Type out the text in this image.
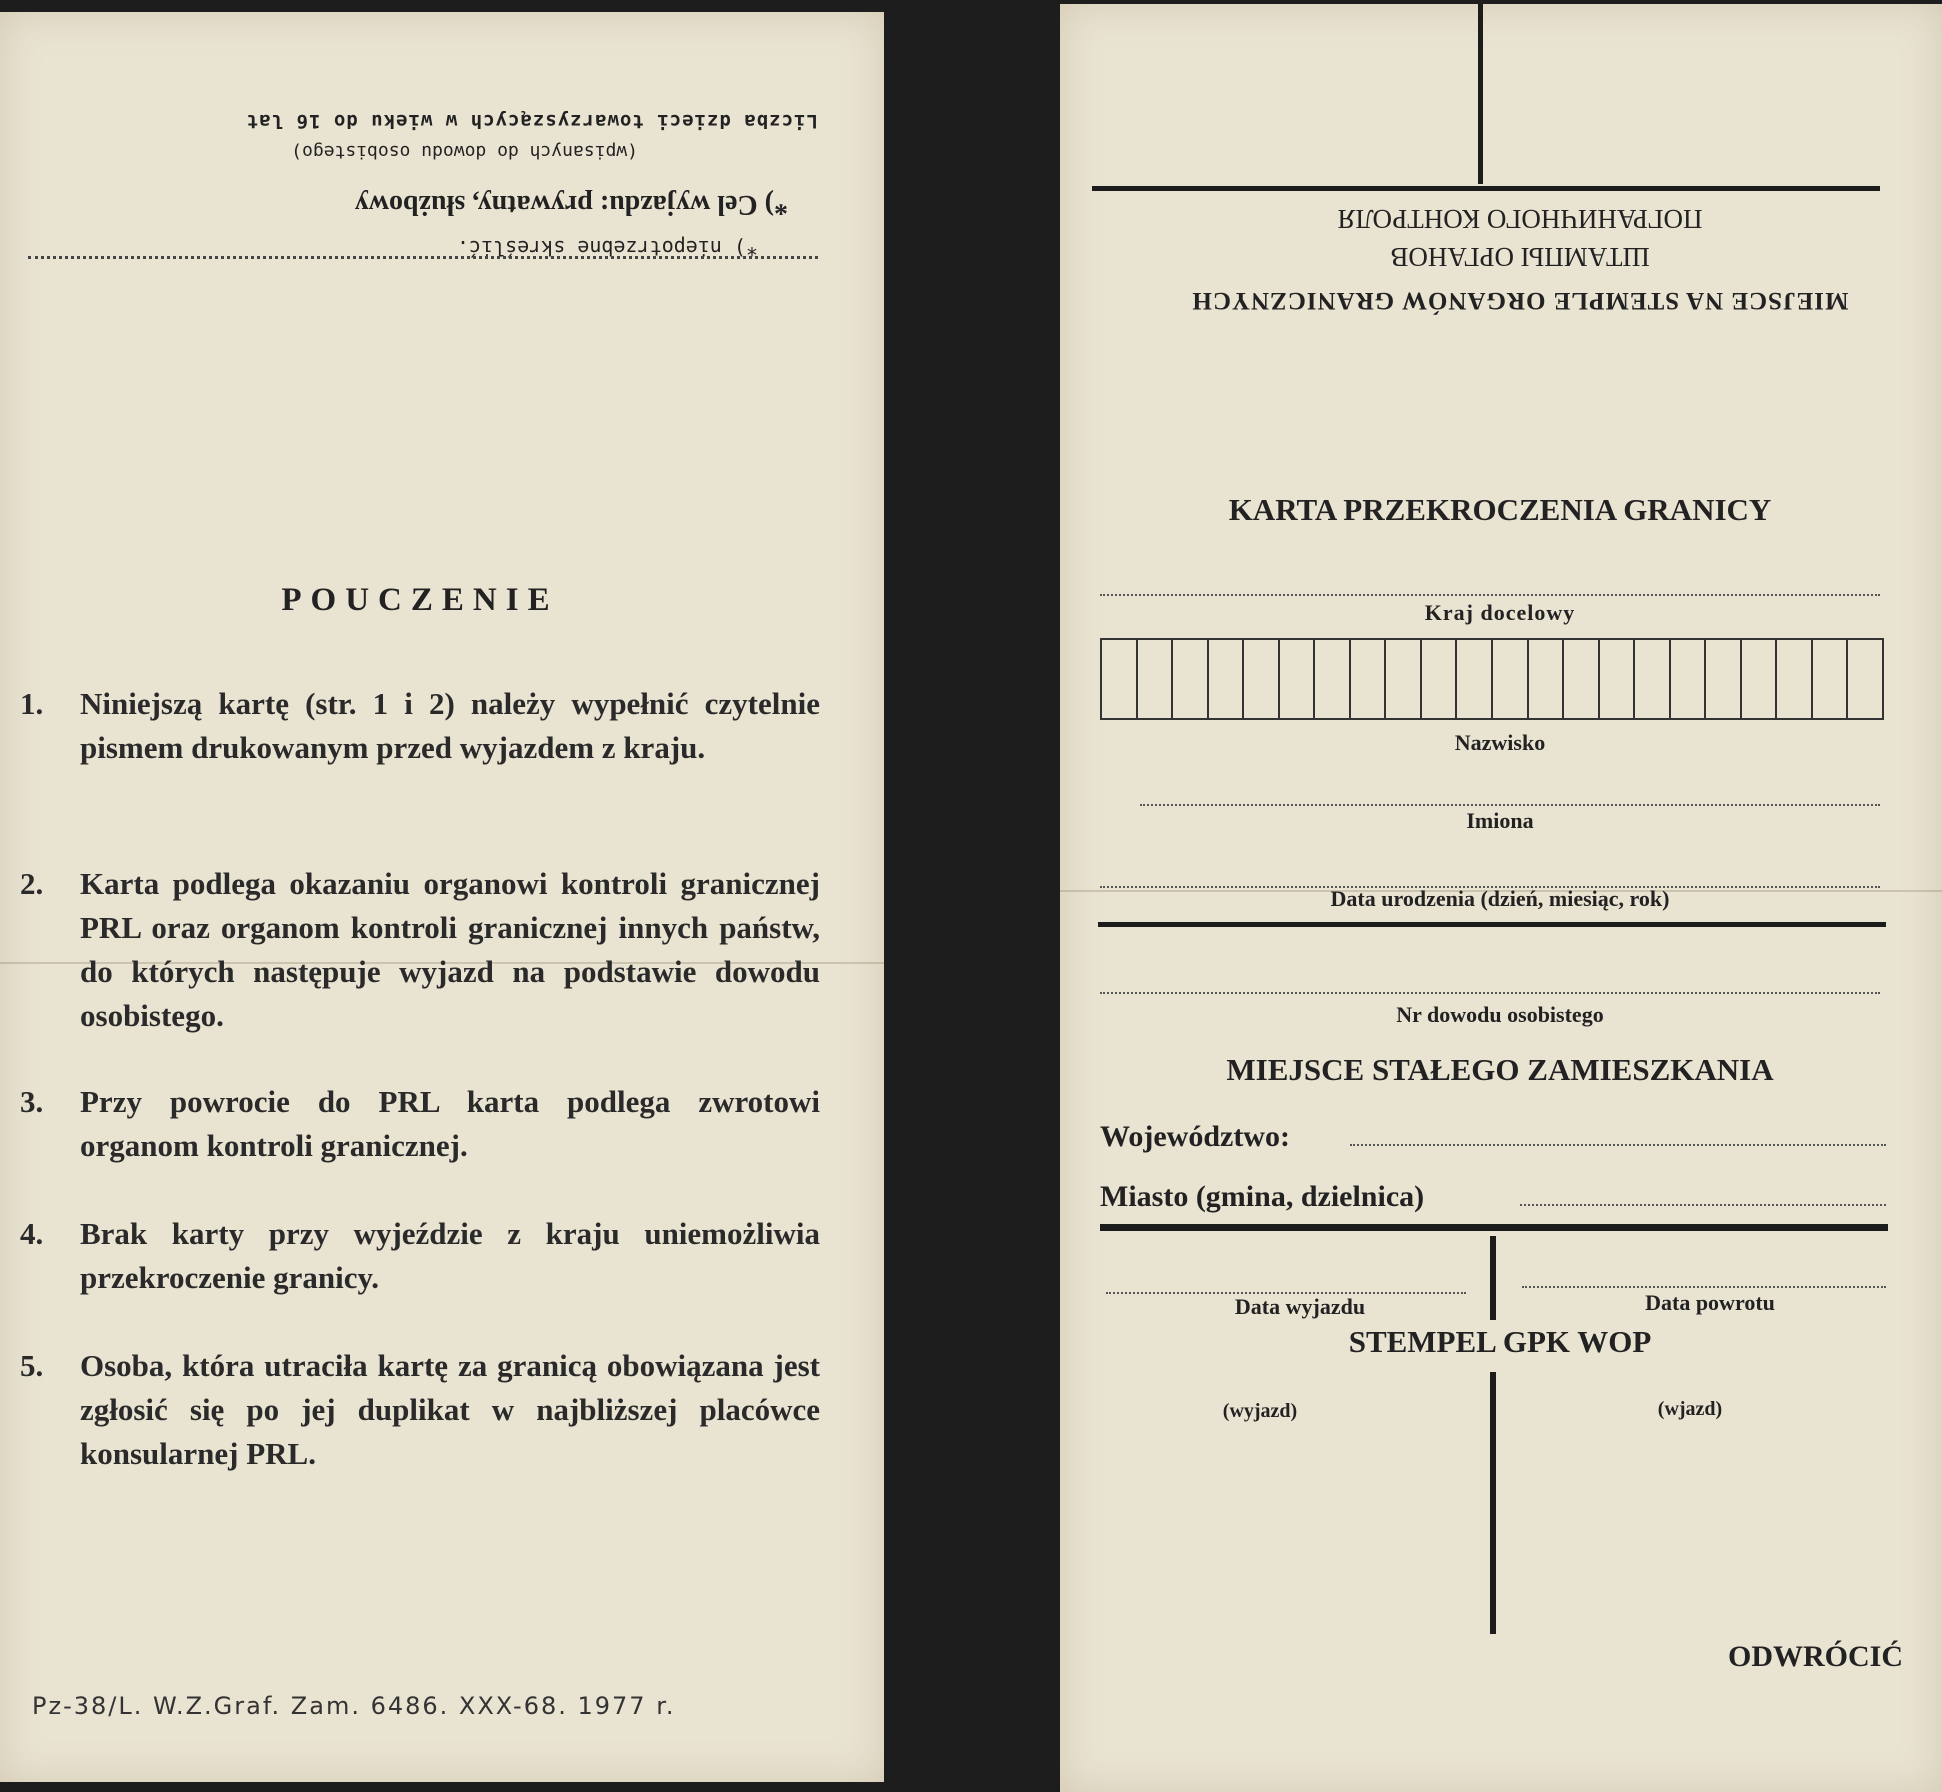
*) niepotrzebne skreślić.
*) Cel wyjazdu: prywatny, służbowy
(wpisanych do dowodu osobistego)
Liczba dzieci towarzyszących w wieku do 16 lat
POUCZENIE
1.	Niniejszą kartę (str. 1 i 2) należy wypełnić czytelnie pismem drukowanym przed wyjazdem z kraju.
2.	Karta podlega okazaniu organowi kontroli granicznej PRL oraz organom kontroli granicznej innych państw, do których następuje wyjazd na podstawie dowodu osobistego.
3.	Przy powrocie do PRL karta podlega zwrotowi organom kontroli granicznej.
4.	Brak karty przy wyjeździe z kraju uniemożliwia przekroczenie granicy.
5.	Osoba, która utraciła kartę za granicą obowiązana jest zgłosić się po jej duplikat w najbliższej placówce konsularnej PRL.
Pz-38/L. W.Z.Graf. Zam. 6486. XXX-68. 1977 r.
ПОГРАНИЧНОГО КОНТРОЛЯ
ШТАМПЫ ОРГАНОВ
MIEJSCE NA STEMPLE ORGANÓW GRANICZNYCH
KARTA PRZEKROCZENIA GRANICY
Kraj docelowy
Nazwisko
Imiona
Data urodzenia (dzień, miesiąc, rok)
Nr dowodu osobistego
MIEJSCE STAŁEGO ZAMIESZKANIA
Województwo:
Miasto (gmina, dzielnica)
Data wyjazdu	Data powrotu
STEMPEL GPK WOP
(wyjazd)	(wjazd)
ODWRÓCIĆ
